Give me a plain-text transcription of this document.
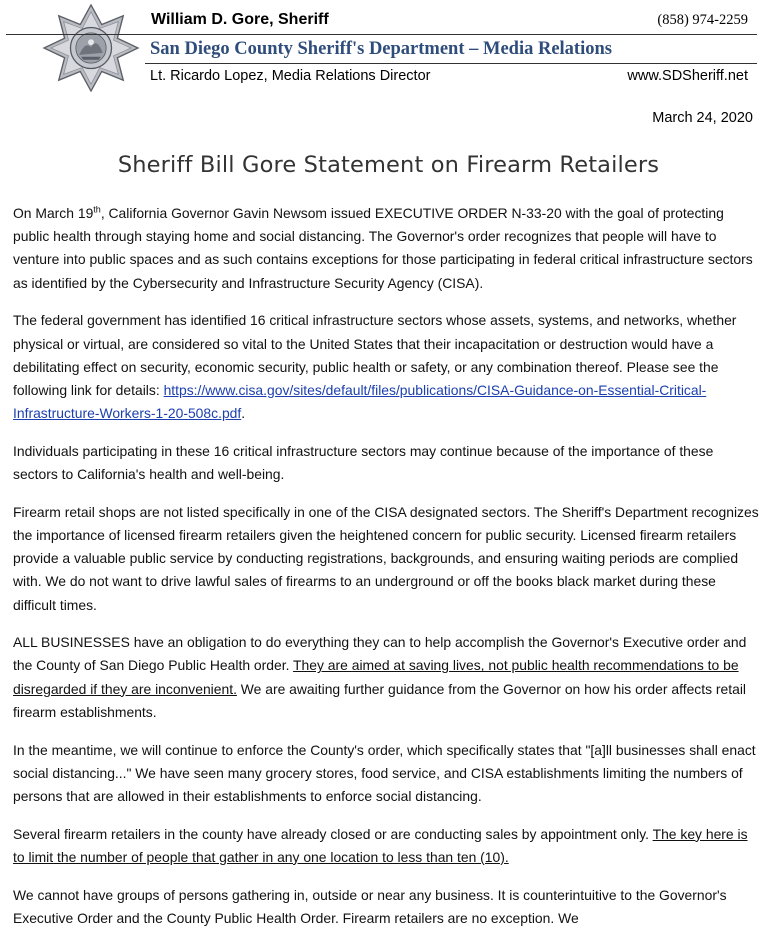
William D. Gore, Sheriff	(858) 974-2259
San Diego County Sheriff's Department – Media Relations
Lt. Ricardo Lopez, Media Relations Director	www.SDSheriff.net
March 24, 2020
Sheriff Bill Gore Statement on Firearm Retailers

On March 19th, California Governor Gavin Newsom issued EXECUTIVE ORDER N-33-20 with the goal of protecting public health through staying home and social distancing. The Governor's order recognizes that people will have to venture into public spaces and as such contains exceptions for those participating in federal critical infrastructure sectors as identified by the Cybersecurity and Infrastructure Security Agency (CISA).

The federal government has identified 16 critical infrastructure sectors whose assets, systems, and networks, whether physical or virtual, are considered so vital to the United States that their incapacitation or destruction would have a debilitating effect on security, economic security, public health or safety, or any combination thereof. Please see the following link for details: https://www.cisa.gov/sites/default/files/publications/CISA-Guidance-on-Essential-Critical-Infrastructure-Workers-1-20-508c.pdf.

Individuals participating in these 16 critical infrastructure sectors may continue because of the importance of these sectors to California's health and well-being.

Firearm retail shops are not listed specifically in one of the CISA designated sectors. The Sheriff's Department recognizes the importance of licensed firearm retailers given the heightened concern for public security. Licensed firearm retailers provide a valuable public service by conducting registrations, backgrounds, and ensuring waiting periods are complied with. We do not want to drive lawful sales of firearms to an underground or off the books black market during these difficult times.

ALL BUSINESSES have an obligation to do everything they can to help accomplish the Governor's Executive order and the County of San Diego Public Health order. They are aimed at saving lives, not public health recommendations to be disregarded if they are inconvenient. We are awaiting further guidance from the Governor on how his order affects retail firearm establishments.

In the meantime, we will continue to enforce the County's order, which specifically states that "[a]ll businesses shall enact social distancing..." We have seen many grocery stores, food service, and CISA establishments limiting the numbers of persons that are allowed in their establishments to enforce social distancing.

Several firearm retailers in the county have already closed or are conducting sales by appointment only. The key here is to limit the number of people that gather in any one location to less than ten (10).

We cannot have groups of persons gathering in, outside or near any business. It is counterintuitive to the Governor's Executive Order and the County Public Health Order. Firearm retailers are no exception. We
